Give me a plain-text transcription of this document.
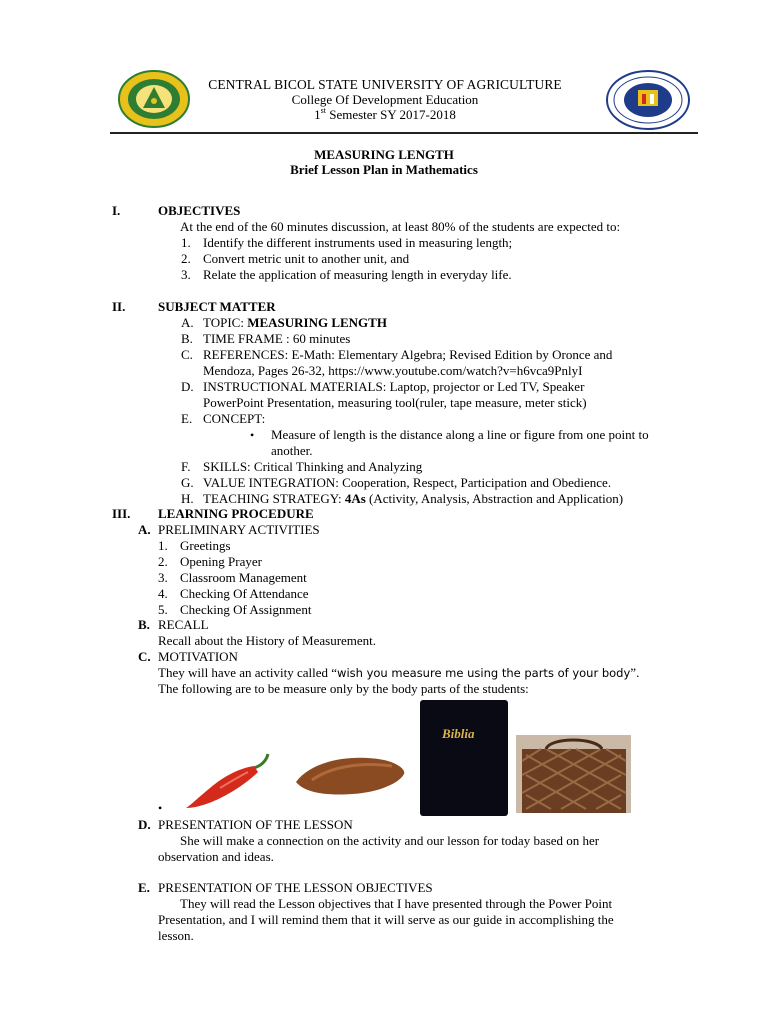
CENTRAL BICOL STATE UNIVERSITY OF AGRICULTURE
College Of Development Education
1st Semester SY 2017-2018
MEASURING LENGTH
Brief Lesson Plan in Mathematics
I.	OBJECTIVES
At the end of the 60 minutes discussion, at least 80% of the students are expected to:
1. Identify the different instruments used in measuring length;
2. Convert metric unit to another unit, and
3. Relate the application of measuring length in everyday life.
II.	SUBJECT MATTER
A. TOPIC: MEASURING LENGTH
B. TIME FRAME : 60 minutes
C. REFERENCES: E-Math: Elementary Algebra; Revised Edition by Oronce and
Mendoza, Pages 26-32, https://www.youtube.com/watch?v=h6vca9PnlyI
D. INSTRUCTIONAL MATERIALS: Laptop, projector or Led TV, Speaker
PowerPoint Presentation, measuring tool(ruler, tape measure, meter stick)
E. CONCEPT:
• Measure of length is the distance along a line or figure from one point to
another.
F. SKILLS: Critical Thinking and Analyzing
G. VALUE INTEGRATION: Cooperation, Respect, Participation and Obedience.
H. TEACHING STRATEGY: 4As (Activity, Analysis, Abstraction and Application)
III. LEARNING PROCEDURE
A. PRELIMINARY ACTIVITIES
1. Greetings
2. Opening Prayer
3. Classroom Management
4. Checking Of Attendance
5. Checking Of Assignment
B. RECALL
Recall about the History of Measurement.
C. MOTIVATION
They will have an activity called “wish you measure me using the parts of your body”.
The following are to be measure only by the body parts of the students:
Biblia
•
D. PRESENTATION OF THE LESSON
She will make a connection on the activity and our lesson for today based on her
observation and ideas.
E. PRESENTATION OF THE LESSON OBJECTIVES
They will read the Lesson objectives that I have presented through the Power Point
Presentation, and I will remind them that it will serve as our guide in accomplishing the
lesson.
